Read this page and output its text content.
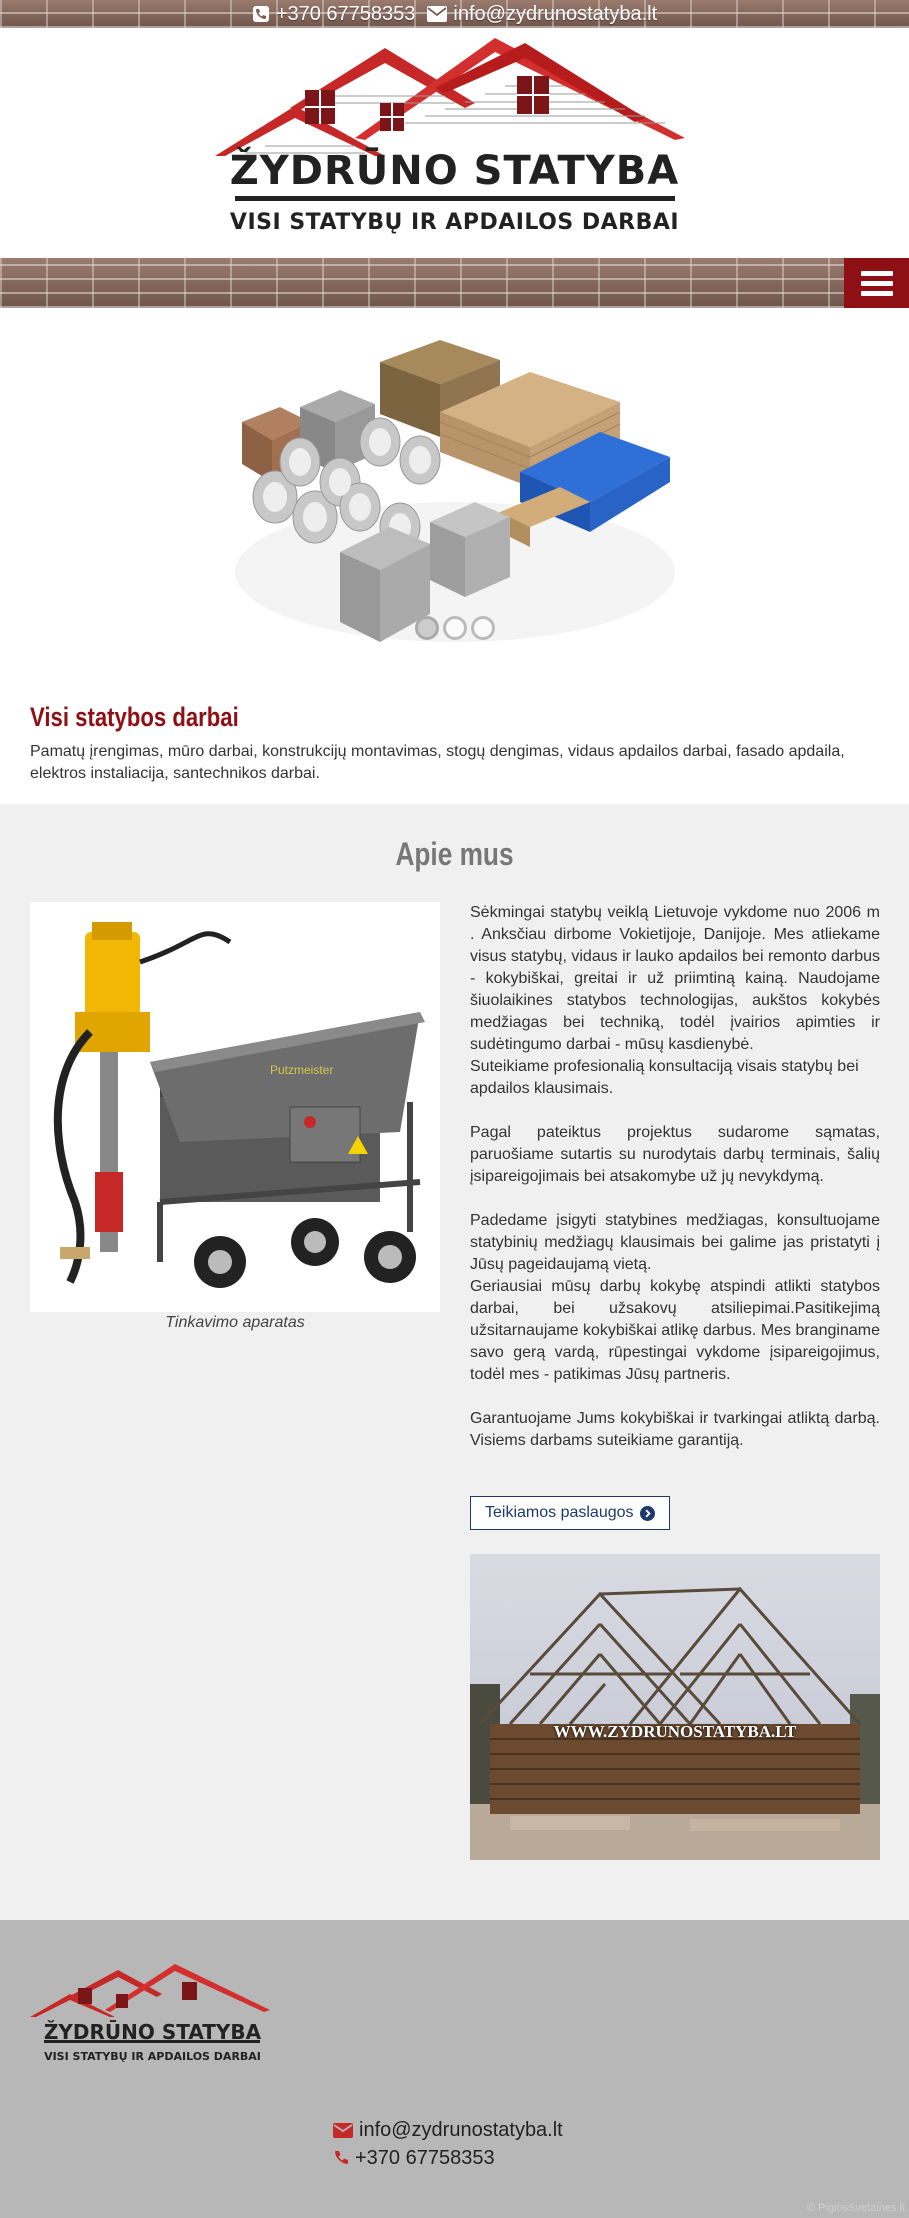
+370 67758353 info@zydrunostatyba.lt
ŽYDRŪNO STATYBA
VISI STATYBŲ IR APDAILOS DARBAI
Visi statybos darbai

Pamatų įrengimas, mūro darbai, konstrukcijų montavimas, stogų dengimas, vidaus apdailos darbai, fasado apdaila, elektros instaliacija, santechnikos darbai.

Apie mus
Putzmeister
Tinkavimo aparatas

Sėkmingai statybų veiklą Lietuvoje vykdome nuo 2006 m . Anksčiau dirbome Vokietijoje, Danijoje. Mes atliekame visus statybų, vidaus ir lauko apdailos bei remonto darbus - kokybiškai, greitai ir už priimtiną kainą. Naudojame šiuolaikines statybos technologijas, aukštos kokybės medžiagas bei techniką, todėl įvairios apimties ir sudėtingumo darbai - mūsų kasdienybė.

Suteikiame profesionalią konsultaciją visais statybų bei apdailos klausimais.

Pagal pateiktus projektus sudarome sąmatas, paruošiame sutartis su nurodytais darbų terminais, šalių įsipareigojimais bei atsakomybe už jų nevykdymą.

Padedame įsigyti statybines medžiagas, konsultuojame statybinių medžiagų klausimais bei galime jas pristatyti į Jūsų pageidaujamą vietą.

Geriausiai mūsų darbų kokybę atspindi atlikti statybos darbai, bei užsakovų atsiliepimai.Pasitikejimą užsitarnaujame kokybiškai atlikę darbus. Mes branginame savo gerą vardą, rūpestingai vykdome įsipareigojimus, todėl mes - patikimas Jūsų partneris.

Garantuojame Jums kokybiškai ir tvarkingai atliktą darbą. Visiems darbams suteikiame garantiją.

Teikiamos paslaugos
WWW.ZYDRUNOSTATYBA.LT
ŽYDRŪNO STATYBA
VISI STATYBŲ IR APDAILOS DARBAI
info@zydrunostatyba.lt
+370 67758353
© PigiosSvetaines.lt
